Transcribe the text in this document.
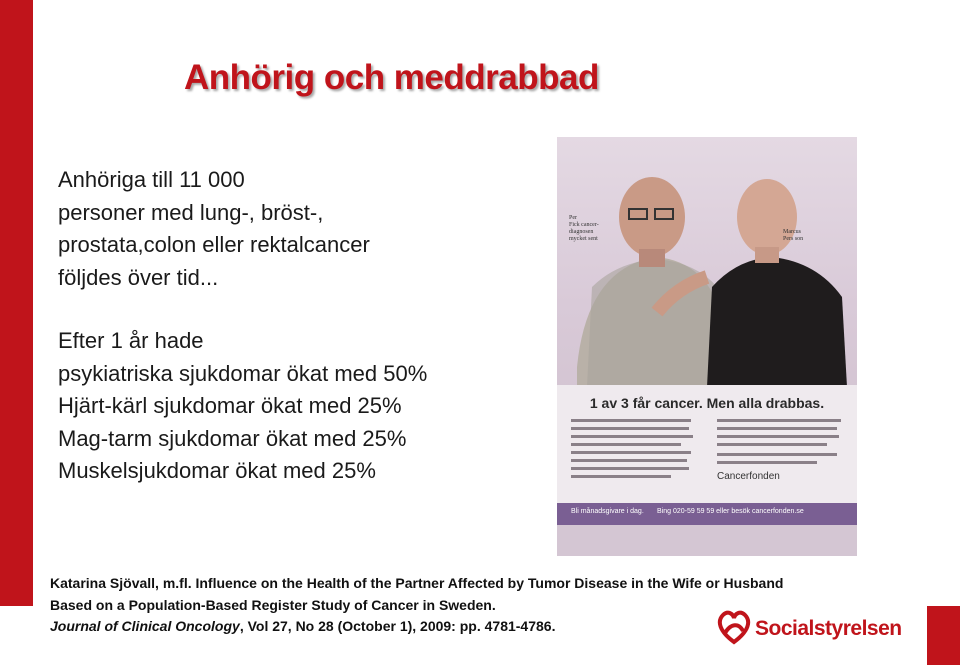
Anhörig och meddrabbad
Anhöriga till 11 000
personer med lung-, bröst-,
prostata,colon eller rektalcancer
följdes över tid...
Efter 1 år hade
psykiatriska sjukdomar ökat med 50%
Hjärt-kärl sjukdomar ökat med 25%
Mag-tarm sjukdomar ökat med 25%
Muskelsjukdomar ökat med 25%
Per
Fick cancer-
diagnosen
mycket sent
Marcus
Pers son
1 av 3 får cancer. Men alla drabbas.
Cancerfonden
Bli månadsgivare i dag. Bing 020-59 59 59 eller besök cancerfonden.se
Katarina Sjövall, m.fl. Influence on the Health of the Partner Affected by Tumor Disease in the Wife or Husband
Based on a Population-Based Register Study of Cancer in Sweden.
Journal of Clinical Oncology, Vol 27, No 28 (October 1), 2009: pp. 4781-4786.	Socialstyrelsen
